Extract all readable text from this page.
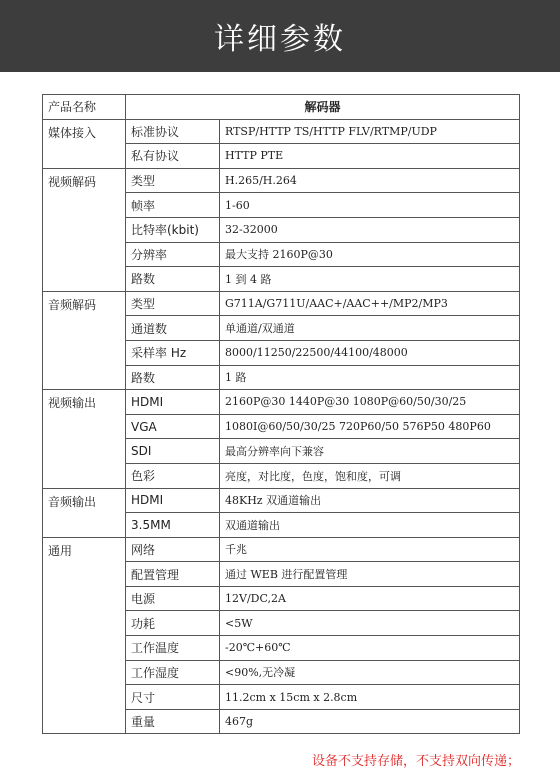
详细参数
产品名称	解码器	
媒体接入	标准协议	RTSP/HTTP TS/HTTP FLV/RTMP/UDP
	私有协议	HTTP PTE
视频解码	类型	H.265/H.264
	帧率	1-60
	比特率(kbit)	32-32000
	分辨率	最大支持 2160P@30
	路数	1 到 4 路
音频解码	类型	G711A/G711U/AAC+/AAC++/MP2/MP3
	通道数	单通道/双通道
	采样率 Hz	8000/11250/22500/44100/48000
	路数	1 路
视频输出	HDMI	2160P@30 1440P@30 1080P@60/50/30/25
	VGA	1080I@60/50/30/25 720P60/50 576P50 480P60
	SDI	最高分辨率向下兼容
	色彩	亮度，对比度，色度，饱和度，可调
音频输出	HDMI	48KHz 双通道输出
	3.5MM	双通道输出
通用	网络	千兆
	配置管理	通过 WEB 进行配置管理
	电源	12V/DC,2A
	功耗	<5W
	工作温度	-20℃+60℃
	工作湿度	<90%,无冷凝
	尺寸	11.2cm x 15cm x 2.8cm
	重量	467g
设备不支持存储，不支持双向传递；
